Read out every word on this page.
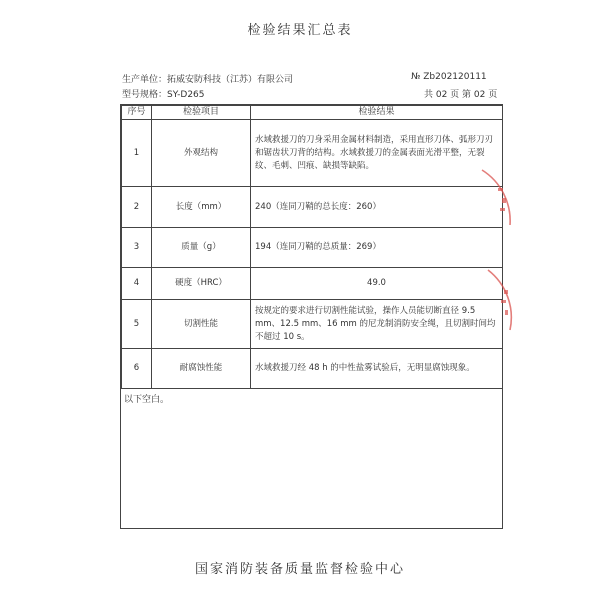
检验结果汇总表
生产单位：拓威安防科技（江苏）有限公司
型号规格：SY-D265
№ Zb202120111
共 02 页 第 02 页
序号	检验项目	检验结果
1	外观结构	水域救援刀的刀身采用金属材料制造，采用直形刀体、弧形刀刃和锯齿状刀背的结构。水域救援刀的金属表面光滑平整，无裂纹、毛刺、凹痕、缺损等缺陷。
2	长度（mm）	240（连同刀鞘的总长度：260）
3	质量（g）	194（连同刀鞘的总质量：269）
4	硬度（HRC）	49.0
5	切割性能	按规定的要求进行切割性能试验，操作人员能切断直径 9.5 mm、12.5 mm、16 mm 的尼龙制消防安全绳，且切割时间均不超过 10 s。
6	耐腐蚀性能	水域救援刀经 48 h 的中性盐雾试验后，无明显腐蚀现象。
以下空白。
国家消防装备质量监督检验中心
